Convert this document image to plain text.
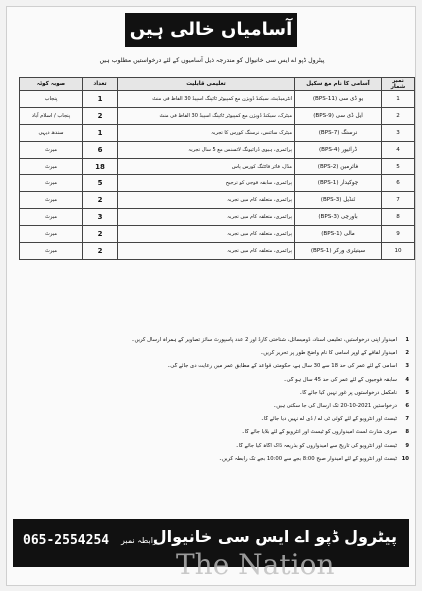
آسامیاں خالی ہیں
پیٹرول ڈپو اے ایس سی خانیوال کو مندرجہ ذیل آسامیوں کے لئے درخواستیں مطلوب ہیں
نمبر شمار	آسامی کا نام مع سکیل	تعلیمی قابلیت	تعداد	صوبہ کوٹہ
1	یو ڈی سی (BPS-11)	انٹرمیڈیٹ، سیکنڈ ڈویژن مع کمپیوٹر ٹائپنگ اسپیڈ 30 الفاظ فی منٹ	1	پنجاب
2	ایل ڈی سی (BPS-9)	میٹرک، سیکنڈ ڈویژن مع کمپیوٹر ٹائپنگ اسپیڈ 30 الفاظ فی منٹ	2	پنجاب / اسلام آباد
3	نرسنگ (BPS-7)	میٹرک سائنس، نرسنگ کورس کا تجربہ	1	سندھ دیہی
4	ڈرائیور (BPS-4)	پرائمری، ہیوی ڈرائیونگ لائسنس مع 5 سال تجربہ	6	میرٹ
5	فائرمین (BPS-2)	مڈل، فائر فائٹنگ کورس پاس	18	میرٹ
6	چوکیدار (BPS-1)	پرائمری، سابقہ فوجی کو ترجیح	5	میرٹ
7	ٹنڈیل (BPS-3)	پرائمری، متعلقہ کام میں تجربہ	2	میرٹ
8	باورچی (BPS-3)	پرائمری، متعلقہ کام میں تجربہ	3	میرٹ
9	مالی (BPS-1)	پرائمری، متعلقہ کام میں تجربہ	2	میرٹ
10	سینیٹری ورکر (BPS-1)	پرائمری، متعلقہ کام میں تجربہ	2	میرٹ
1
امیدوار اپنی درخواستیں، تعلیمی اسناد، ڈومیسائل، شناختی کارڈ اور 2 عدد پاسپورٹ سائز تصاویر کے ہمراہ ارسال کریں۔
2
امیدوار لفافے کے اوپر آسامی کا نام واضح طور پر تحریر کریں۔
3
آسامی کے لئے عمر کی حد 18 سے 30 سال ہے، حکومتی قواعد کے مطابق عمر میں رعایت دی جائے گی۔
4
سابقہ فوجیوں کے لئے عمر کی حد 45 سال ہو گی۔
5
نامکمل درخواستوں پر غور نہیں کیا جائے گا۔
6
درخواستیں 2021-10-20 تک ارسال کی جا سکتی ہیں۔
7
ٹیسٹ اور انٹرویو کے لئے کوئی ٹی اے / ڈی اے نہیں دیا جائے گا۔
8
صرف شارٹ لسٹ امیدواروں کو ٹیسٹ اور انٹرویو کے لئے بلایا جائے گا۔
9
ٹیسٹ اور انٹرویو کی تاریخ سے امیدواروں کو بذریعہ ڈاک آگاہ کیا جائے گا۔
10
ٹیسٹ اور انٹرویو کے لئے امیدوار صبح 8:00 بجے سے 10:00 بجے تک رابطہ کریں۔
065-2554254 رابطہ نمبر
پیٹرول ڈپو اے ایس سی خانیوال
The Nation
